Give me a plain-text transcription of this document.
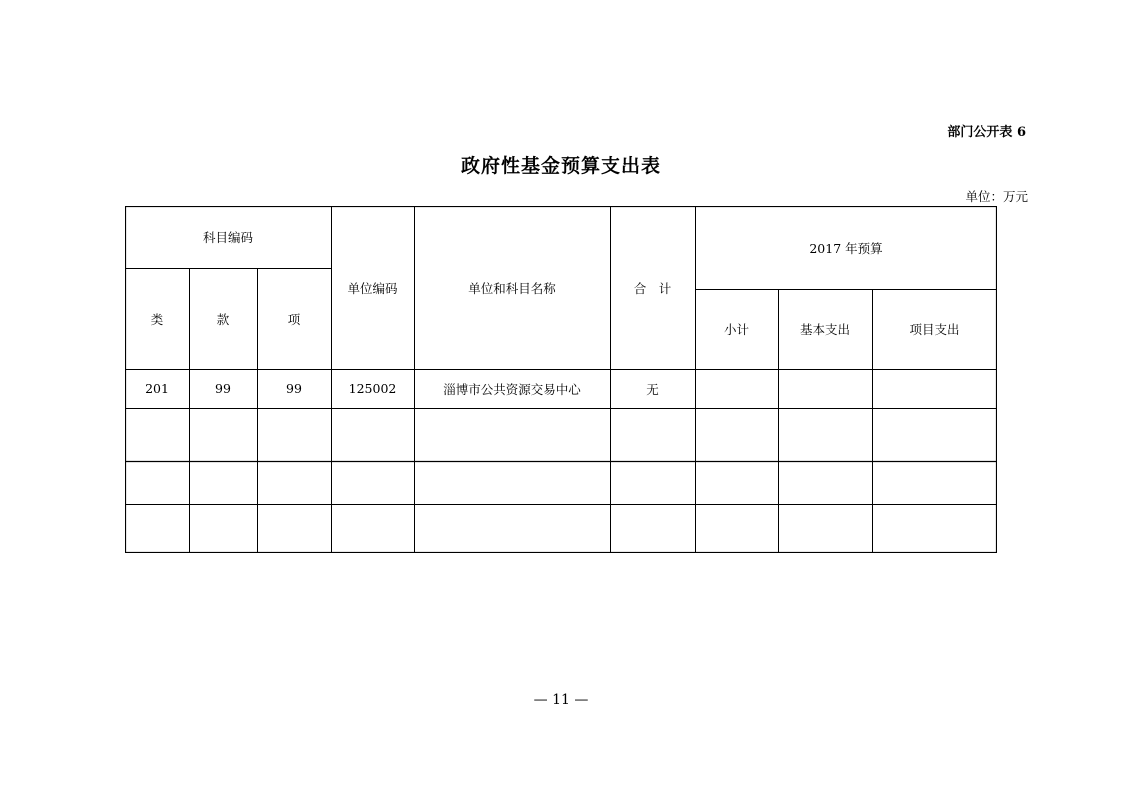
部门公开表 6
政府性基金预算支出表
单位：万元
科目编码
类	款	项
单位编码	单位和科目名称	合　计
2017 年预算
小计	基本支出	项目支出
201	99	99	125002	淄博市公共资源交易中心	无
— 11 —
